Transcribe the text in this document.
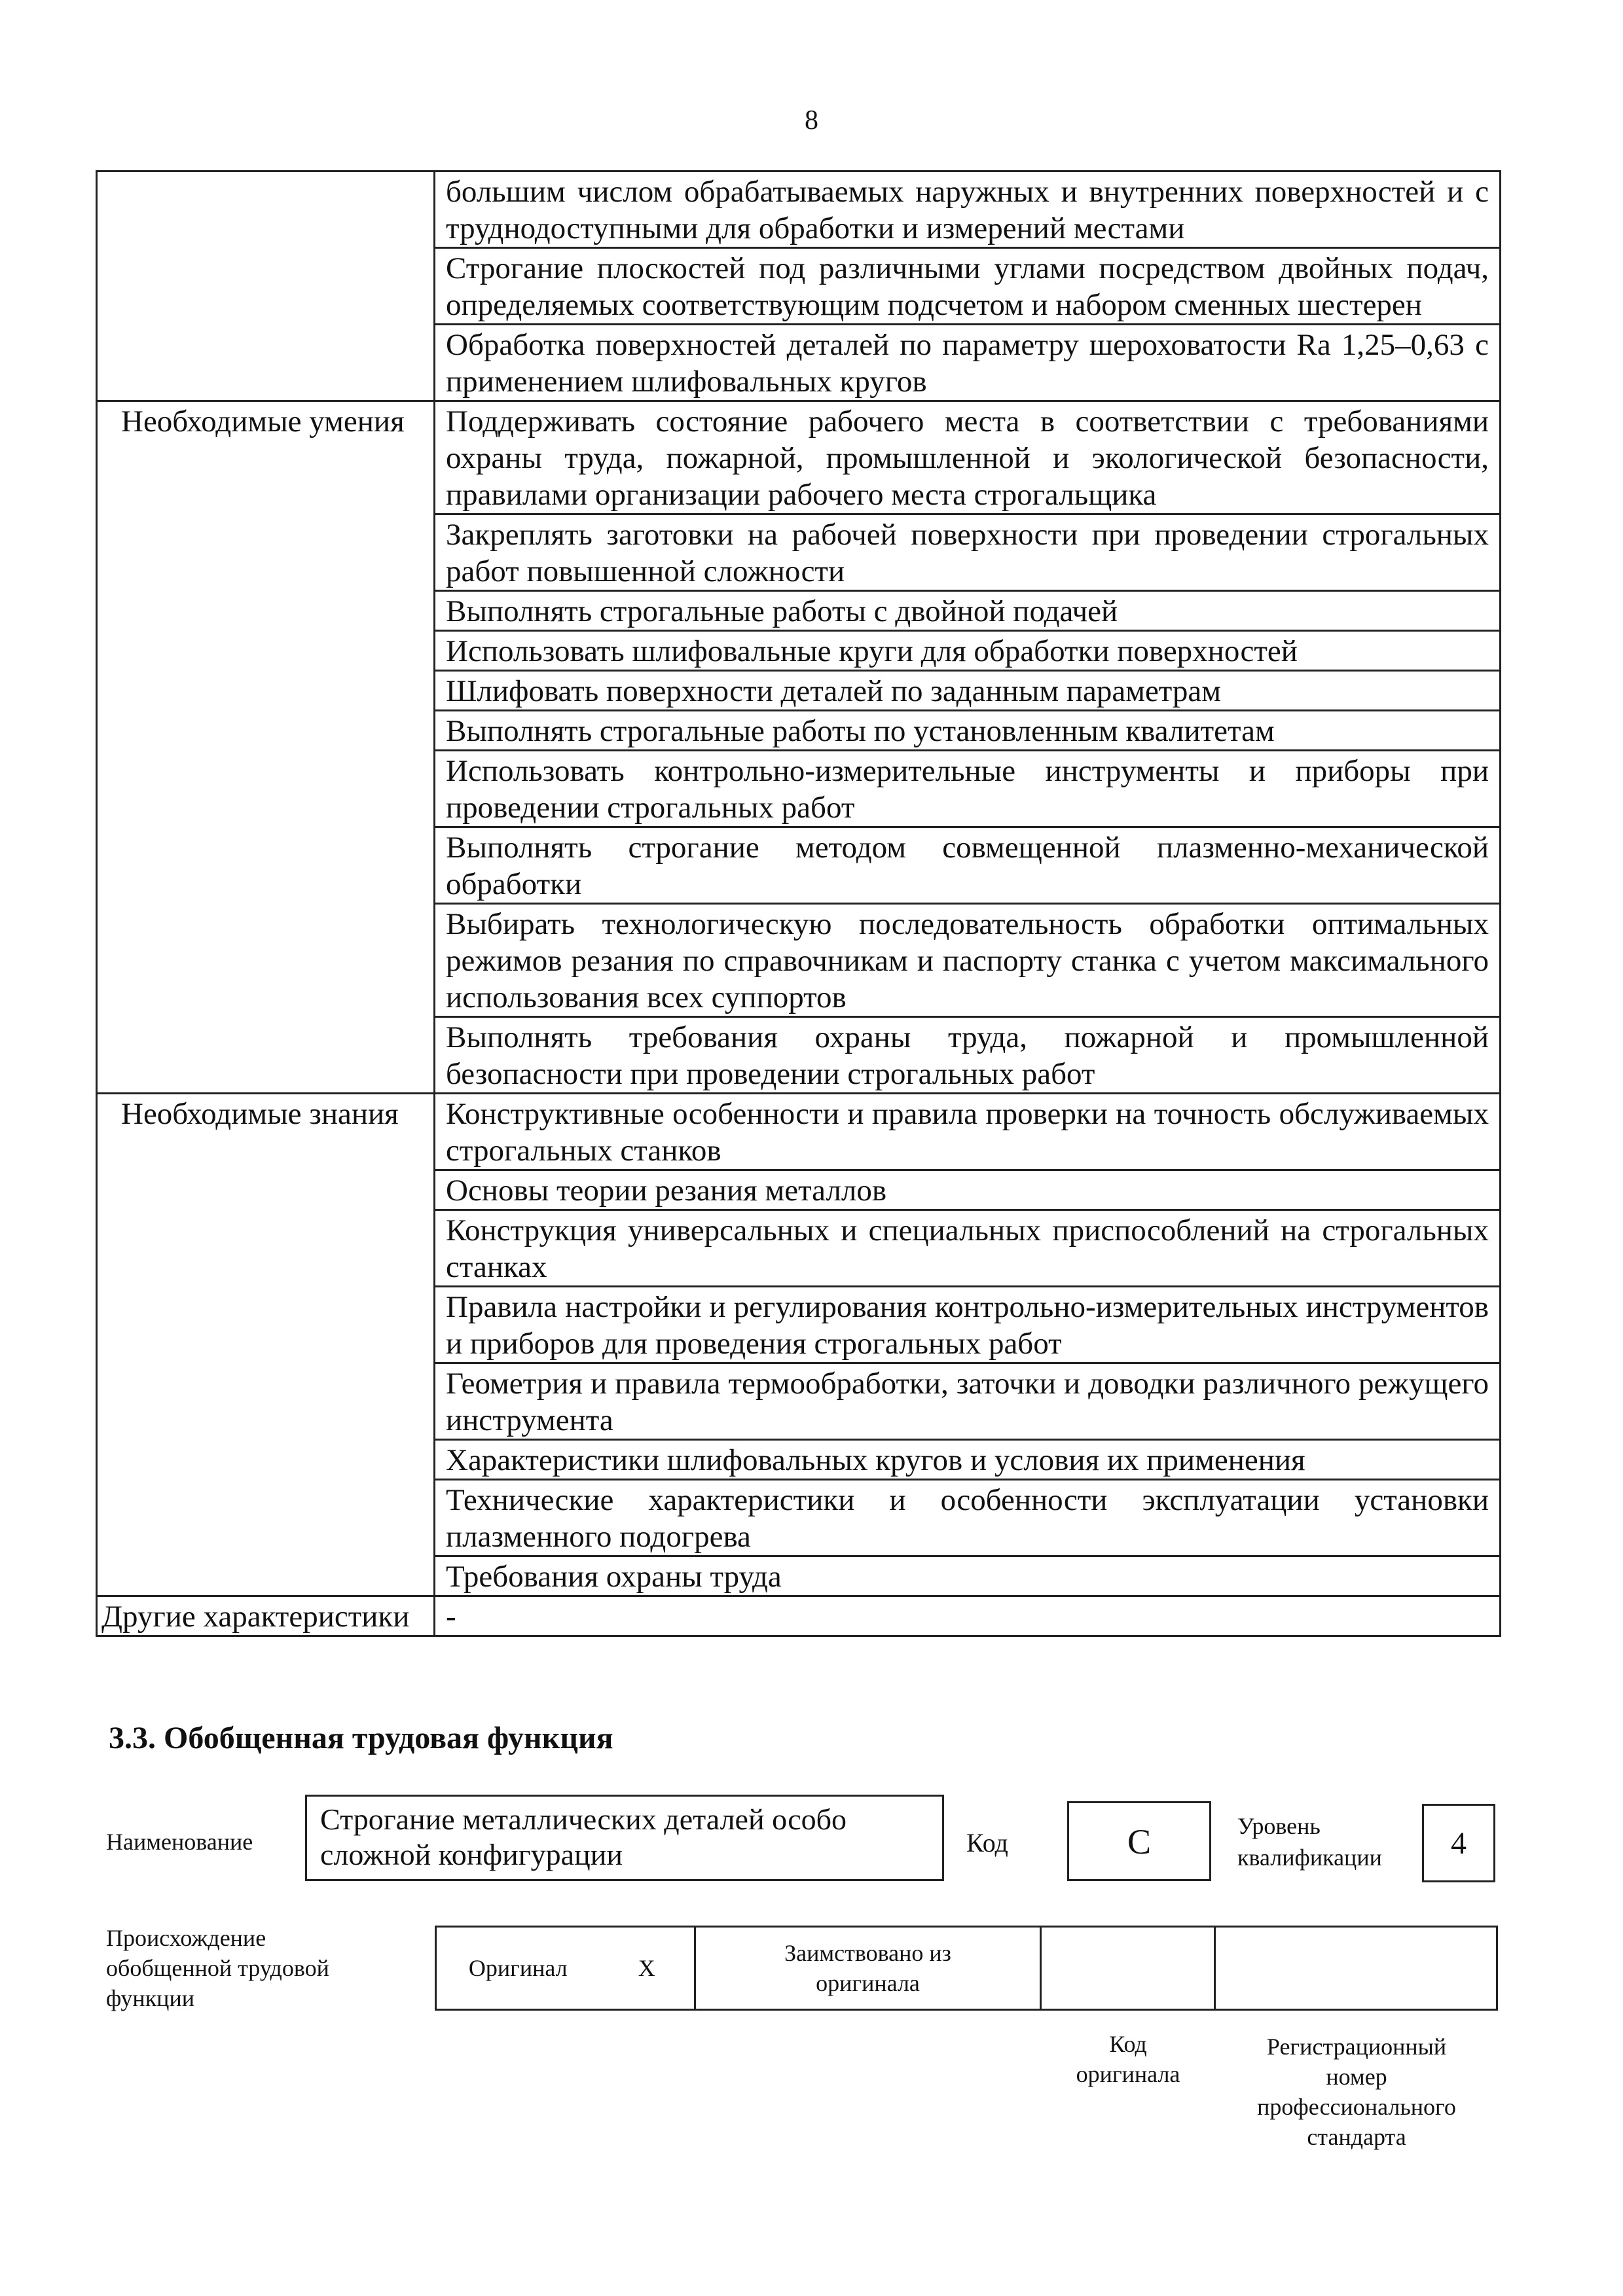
8
	большим числом обрабатываемых наружных и внутренних поверхностей и с труднодоступными для обработки и измерений местами
	Строгание плоскостей под различными углами посредством двойных подач, определяемых соответствующим подсчетом и набором сменных шестерен
	Обработка поверхностей деталей по параметру шероховатости Ra 1,25–0,63 с применением шлифовальных кругов
Необходимые умения	Поддерживать состояние рабочего места в соответствии с требованиями охраны труда, пожарной, промышленной и экологической безопасности, правилами организации рабочего места строгальщика
	Закреплять заготовки на рабочей поверхности при проведении строгальных работ повышенной сложности
	Выполнять строгальные работы с двойной подачей
	Использовать шлифовальные круги для обработки поверхностей
	Шлифовать поверхности деталей по заданным параметрам
	Выполнять строгальные работы по установленным квалитетам
	Использовать контрольно-измерительные инструменты и приборы при проведении строгальных работ
	Выполнять строгание методом совмещенной плазменно-механической обработки
	Выбирать технологическую последовательность обработки оптимальных режимов резания по справочникам и паспорту станка с учетом максимального использования всех суппортов
	Выполнять требования охраны труда, пожарной и промышленной безопасности при проведении строгальных работ
Необходимые знания	Конструктивные особенности и правила проверки на точность обслуживаемых строгальных станков
	Основы теории резания металлов
	Конструкция универсальных и специальных приспособлений на строгальных станках
	Правила настройки и регулирования контрольно-измерительных инструментов и приборов для проведения строгальных работ
	Геометрия и правила термообработки, заточки и доводки различного режущего инструмента
	Характеристики шлифовальных кругов и условия их применения
	Технические характеристики и особенности эксплуатации установки плазменного подогрева
	Требования охраны труда
Другие характеристики	-
3.3. Обобщенная трудовая функция
Наименование
Строгание металлических деталей особо сложной конфигурации	Код	C	Уровень
квалификации	4
Происхождение
обобщенной трудовой
функции
Оригинал	X	
Заимствовано из
оригинала

Код
оригинала
Регистрационный
номер
профессионального
стандарта
